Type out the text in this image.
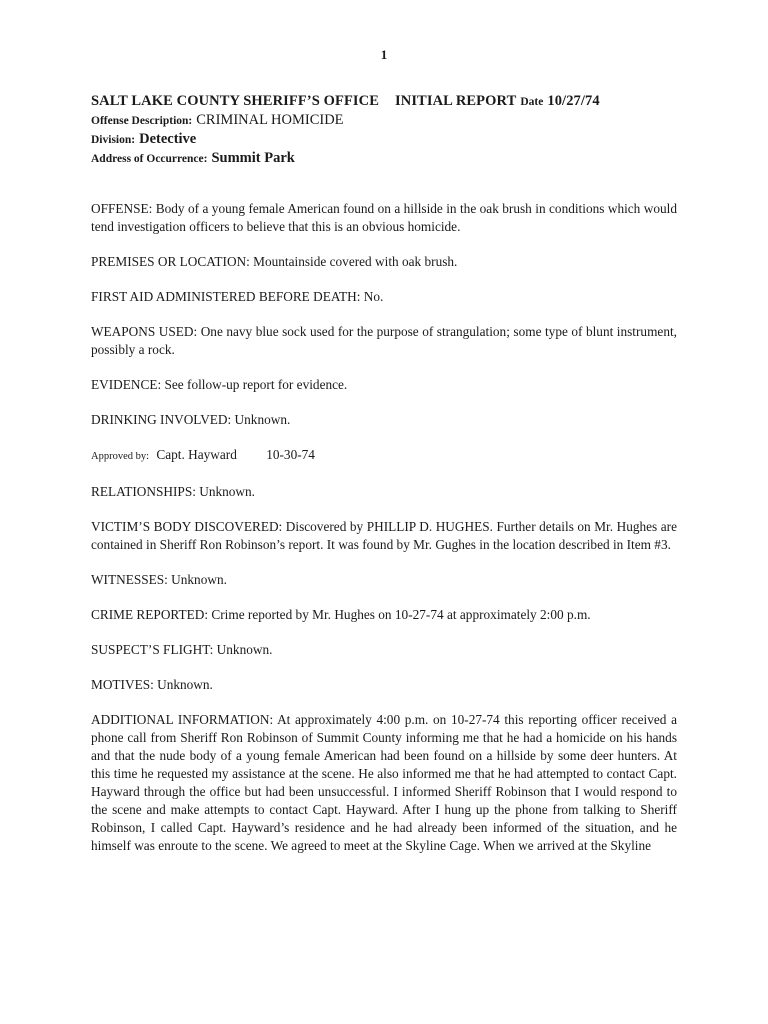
1
SALT LAKE COUNTY SHERIFF’S OFFICE INITIAL REPORT Date 10/27/74
Offense Description: CRIMINAL HOMICIDE
Division: Detective
Address of Occurrence: Summit Park

OFFENSE: Body of a young female American found on a hillside in the oak brush in conditions which would tend investigation officers to believe that this is an obvious homicide.

PREMISES OR LOCATION: Mountainside covered with oak brush.

FIRST AID ADMINISTERED BEFORE DEATH: No.

WEAPONS USED: One navy blue sock used for the purpose of strangulation; some type of blunt instrument, possibly a rock.

EVIDENCE: See follow-up report for evidence.

DRINKING INVOLVED: Unknown.

Approved by: Capt. Hayward 10-30-74

RELATIONSHIPS: Unknown.

VICTIM’S BODY DISCOVERED: Discovered by PHILLIP D. HUGHES. Further details on Mr. Hughes are contained in Sheriff Ron Robinson’s report. It was found by Mr. Gughes in the location described in Item #3.

WITNESSES: Unknown.

CRIME REPORTED: Crime reported by Mr. Hughes on 10-27-74 at approximately 2:00 p.m.

SUSPECT’S FLIGHT: Unknown.

MOTIVES: Unknown.

ADDITIONAL INFORMATION: At approximately 4:00 p.m. on 10-27-74 this reporting officer received a phone call from Sheriff Ron Robinson of Summit County informing me that he had a homicide on his hands and that the nude body of a young female American had been found on a hillside by some deer hunters. At this time he requested my assistance at the scene. He also informed me that he had attempted to contact Capt. Hayward through the office but had been unsuccessful. I informed Sheriff Robinson that I would respond to the scene and make attempts to contact Capt. Hayward. After I hung up the phone from talking to Sheriff Robinson, I called Capt. Hayward’s residence and he had already been informed of the situation, and he himself was enroute to the scene. We agreed to meet at the Skyline Cage. When we arrived at the Skyline
